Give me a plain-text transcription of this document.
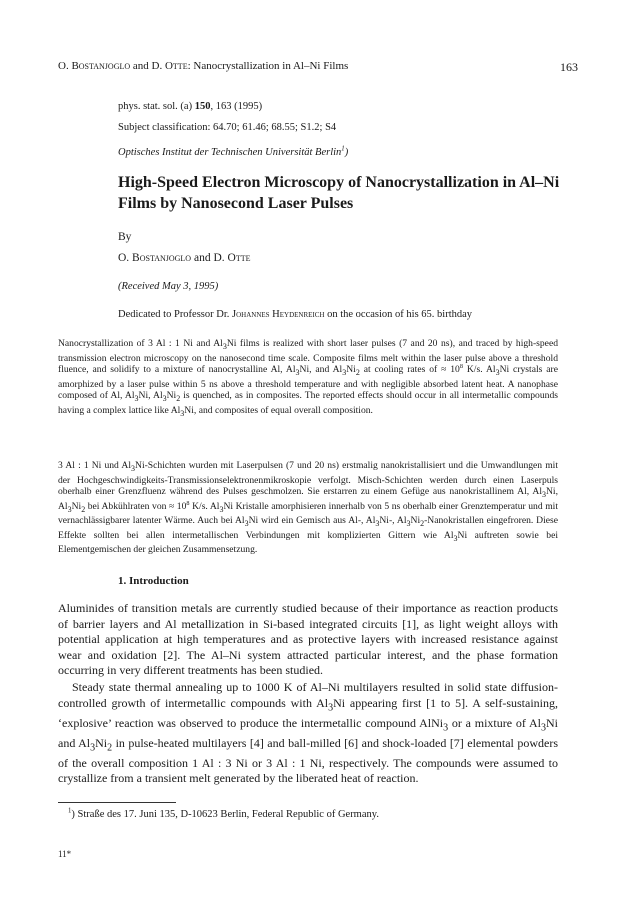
O. Bostanjoglo and D. Otte: Nanocrystallization in Al–Ni Films	163
phys. stat. sol. (a) 150, 163 (1995)
Subject classification: 64.70; 61.46; 68.55; S1.2; S4
Optisches Institut der Technischen Universität Berlin$^1$)
High-Speed Electron Microscopy of Nanocrystallization in Al–Ni Films by Nanosecond Laser Pulses
By
O. Bostanjoglo and D. Otte
(Received May 3, 1995)
Dedicated to Professor Dr. Johannes Heydenreich on the occasion of his 65. birthday

Nanocrystallization of 3 Al : 1 Ni and $Al_3Ni$ films is realized with short laser pulses (7 and 20 ns), and traced by high-speed transmission electron microscopy on the nanosecond time scale. Composite films melt within the laser pulse above a threshold fluence, and solidify to a mixture of nanocrystalline Al, $Al_3Ni$, and $Al_3Ni_2$ at cooling rates of ≈ $10^8$ K/s. $Al_3Ni$ crystals are amorphized by a laser pulse within 5 ns above a threshold temperature and with negligible absorbed latent heat. A nanophase composed of Al, $Al_3Ni$, $Al_3Ni_2$ is quenched, as in composites. The reported effects should occur in all intermetallic compounds having a complex lattice like $Al_3Ni$, and composites of equal overall composition.

3 Al : 1 Ni und $Al_3Ni$-Schichten wurden mit Laserpulsen (7 und 20 ns) erstmalig nanokristallisiert und die Umwandlungen mit der Hochgeschwindigkeits-Transmissionselektronenmikroskopie verfolgt. Misch-Schichten werden durch einen Laserpuls oberhalb einer Grenzfluenz während des Pulses geschmolzen. Sie erstarren zu einem Gefüge aus nanokristallinem Al, $Al_3Ni$, $Al_3Ni_2$ bei Abkühlraten von ≈ $10^8$ K/s. $Al_3Ni$ Kristalle amorphisieren innerhalb von 5 ns oberhalb einer Grenztemperatur und mit vernachlässigbarer latenter Wärme. Auch bei $Al_3Ni$ wird ein Gemisch aus Al-, $Al_3Ni-$, $Al_3Ni_2$-Nanokristallen eingefroren. Diese Effekte sollten bei allen intermetallischen Verbindungen mit komplizierten Gittern wie $Al_3Ni$ auftreten sowie bei Elementgemischen der gleichen Zusammensetzung.

1. Introduction

Aluminides of transition metals are currently studied because of their importance as reaction products of barrier layers and Al metallization in Si-based integrated circuits [1], as light weight alloys with potential application at high temperatures and as protective layers with increased resistance against wear and oxidation [2]. The Al–Ni system attracted particular interest, and the phase formation occurring in very different treatments has been studied.

Steady state thermal annealing up to 1000 K of Al–Ni multilayers resulted in solid state diffusion-controlled growth of intermetallic compounds with $Al_3Ni$ appearing first [1 to 5]. A self-sustaining, ‘explosive’ reaction was observed to produce the intermetallic compound AlNi$_3$ or a mixture of $Al_3Ni$ and $Al_3Ni_2$ in pulse-heated multilayers [4] and ball-milled [6] and shock-loaded [7] elemental powders of the overall composition 1 Al : 3 Ni or 3 Al : 1 Ni, respectively. The compounds were assumed to crystallize from a transient melt generated by the liberated heat of reaction.

$^1$) Straße des 17. Juni 135, D-10623 Berlin, Federal Republic of Germany.
11*
